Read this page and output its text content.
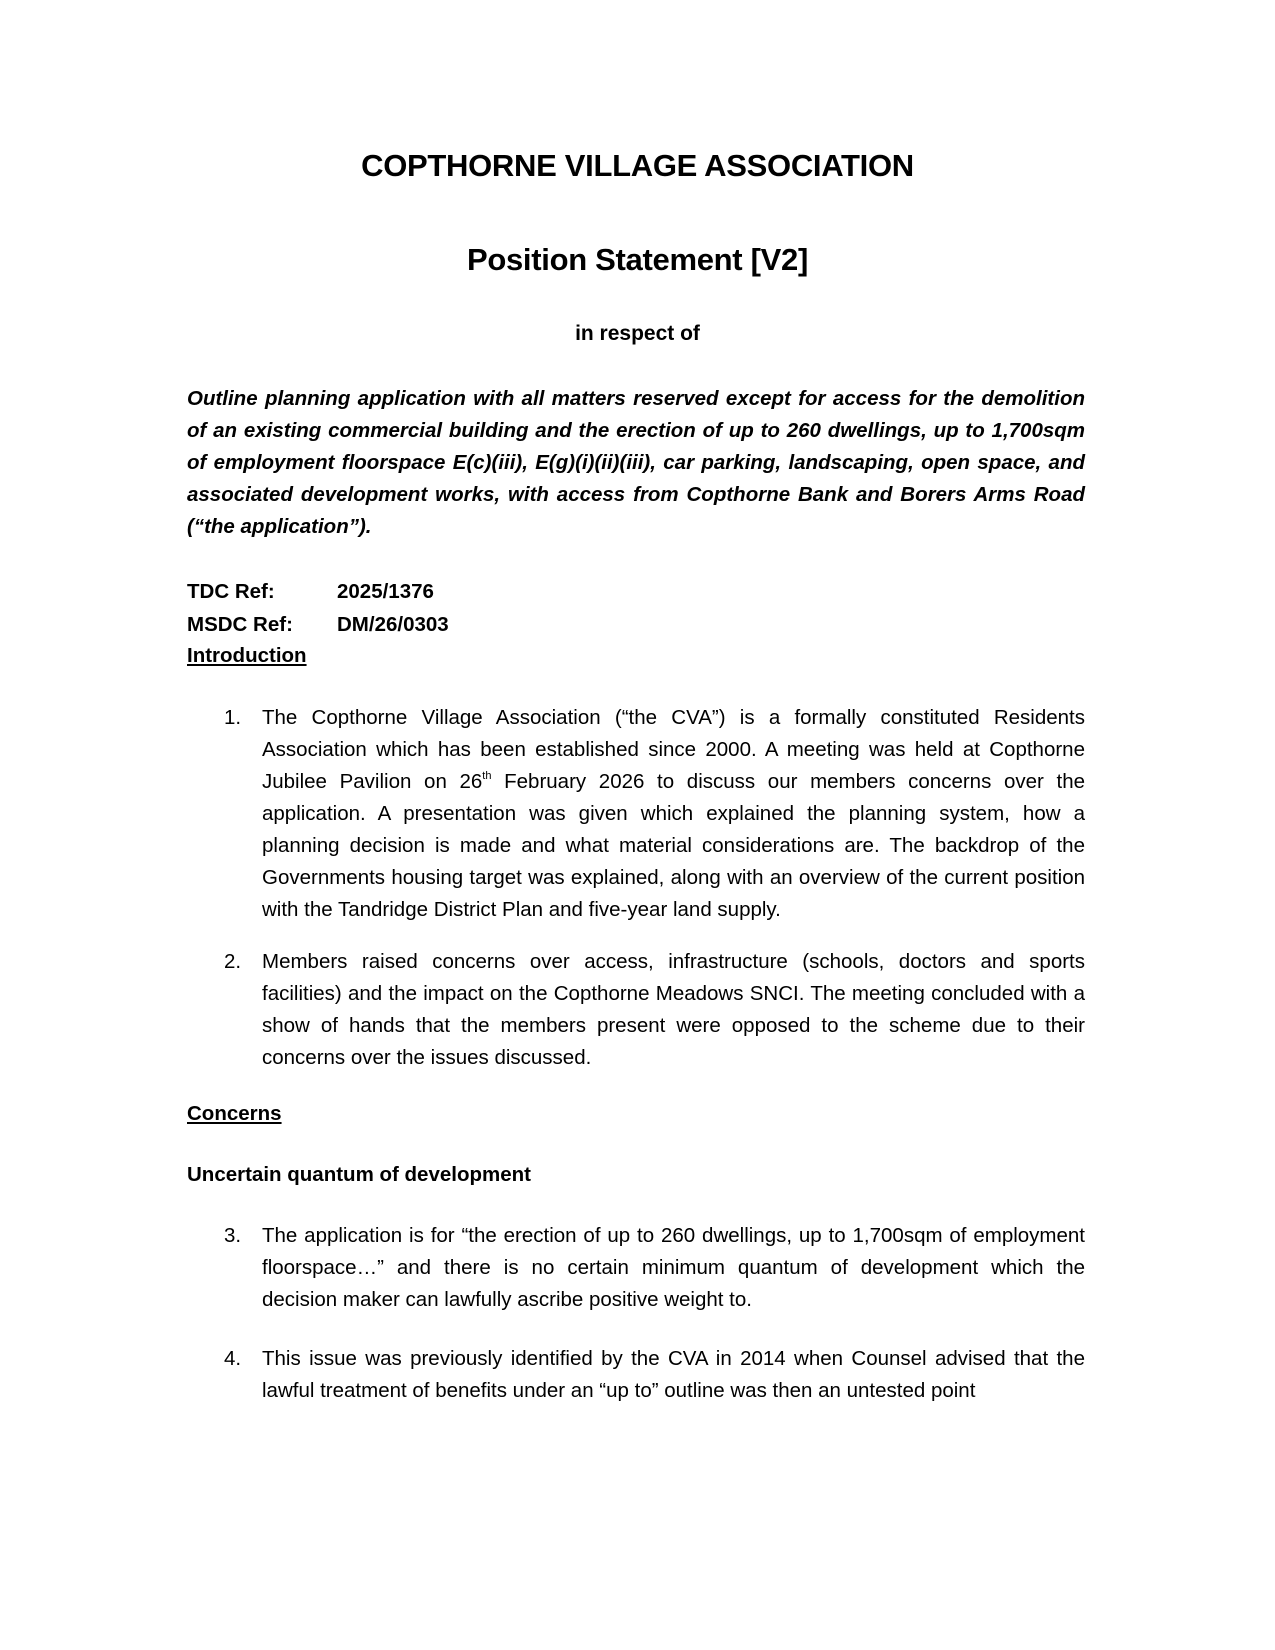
COPTHORNE VILLAGE ASSOCIATION
Position Statement [V2]
in respect of

Outline planning application with all matters reserved except for access for the demolition of an existing commercial building and the erection of up to 260 dwellings, up to 1,700sqm of employment floorspace E(c)(iii), E(g)(i)(ii)(iii), car parking, landscaping, open space, and associated development works, with access from Copthorne Bank and Borers Arms Road (“the application”).

TDC Ref:	2025/1376
MSDC Ref:	DM/26/0303
Introduction
1.	The Copthorne Village Association (“the CVA”) is a formally constituted Residents Association which has been established since 2000. A meeting was held at Copthorne Jubilee Pavilion on 26th February 2026 to discuss our members concerns over the application. A presentation was given which explained the planning system, how a planning decision is made and what material considerations are. The backdrop of the Governments housing target was explained, along with an overview of the current position with the Tandridge District Plan and five-year land supply.

2.	Members raised concerns over access, infrastructure (schools, doctors and sports facilities) and the impact on the Copthorne Meadows SNCI. The meeting concluded with a show of hands that the members present were opposed to the scheme due to their concerns over the issues discussed.

Concerns
Uncertain quantum of development
3.	The application is for “the erection of up to 260 dwellings, up to 1,700sqm of employment floorspace…” and there is no certain minimum quantum of development which the decision maker can lawfully ascribe positive weight to.

4.	This issue was previously identified by the CVA in 2014 when Counsel advised that the lawful treatment of benefits under an “up to” outline was then an untested point
